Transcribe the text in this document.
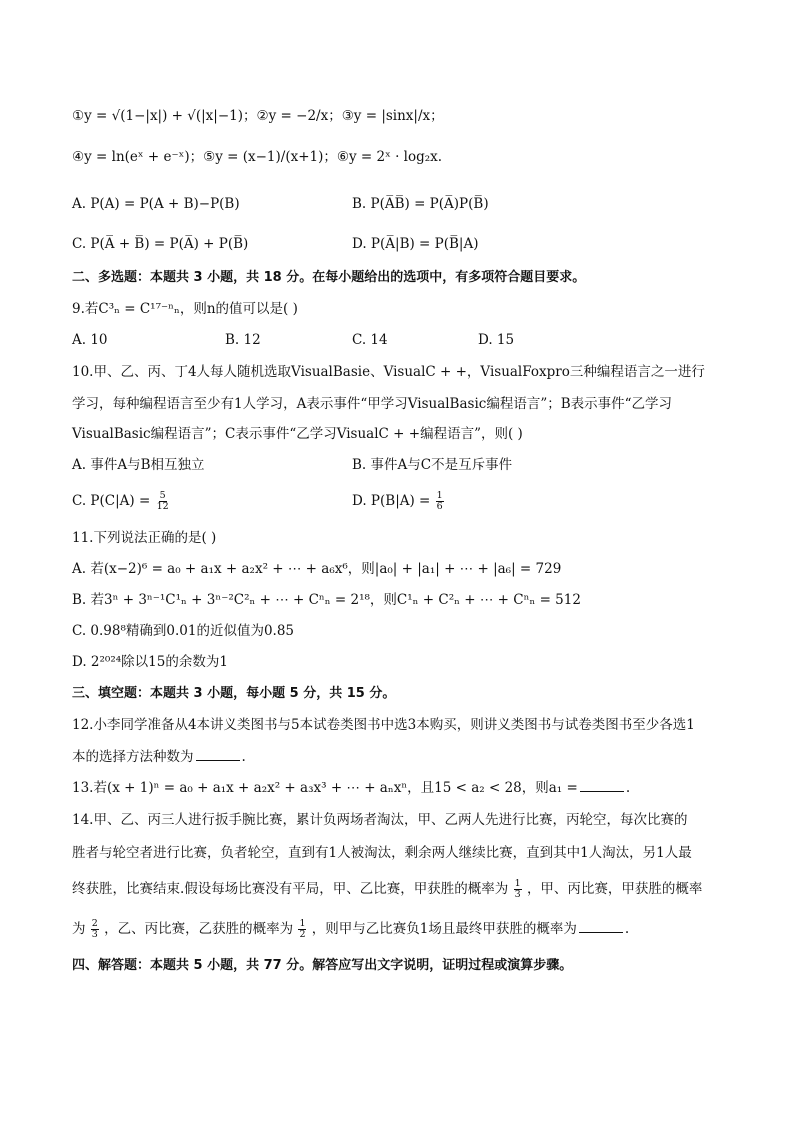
①y = √(1−|x|) + √(|x|−1)；②y = −2/x；③y = |sinx|/x；
④y = ln(eˣ + e⁻ˣ)；⑤y = (x−1)/(x+1)；⑥y = 2ˣ · log₂x.
A. P(A) = P(A + B)−P(B)	B. P(A̅B̅) = P(A̅)P(B̅)
C. P(A̅ + B̅) = P(A̅) + P(B̅)	D. P(A̅|B) = P(B̅|A)
二、多选题：本题共 3 小题，共 18 分。在每小题给出的选项中，有多项符合题目要求。
9.若C³ₙ = C¹⁷⁻ⁿₙ，则n的值可以是( )
A. 10	B. 12	C. 14	D. 15
10.甲、乙、丙、丁4人每人随机选取VisualBasie、VisualC + +，VisualFoxpro三种编程语言之一进行
学习，每种编程语言至少有1人学习，A表示事件“甲学习VisualBasic编程语言”；B表示事件“乙学习
VisualBasic编程语言”；C表示事件“乙学习VisualC + +编程语言”，则( )
A. 事件A与B相互独立	B. 事件A与C不是互斥事件
C. $P(C|A) = \frac{5}{12}$	D. $P(B|A) = \frac{1}{6}$
11.下列说法正确的是( )
A. 若(x−2)⁶ = a₀ + a₁x + a₂x² + ⋯ + a₆x⁶，则|a₀| + |a₁| + ⋯ + |a₆| = 729
B. 若3ⁿ + 3ⁿ⁻¹C¹ₙ + 3ⁿ⁻²C²ₙ + ⋯ + Cⁿₙ = 2¹⁸，则C¹ₙ + C²ₙ + ⋯ + Cⁿₙ = 512
C. 0.98⁸精确到0.01的近似值为0.85
D. 2²⁰²⁴除以15的余数为1
三、填空题：本题共 3 小题，每小题 5 分，共 15 分。
12.小李同学准备从4本讲义类图书与5本试卷类图书中选3本购买，则讲义类图书与试卷类图书至少各选1
本的选择方法种数为	.
13.若(x + 1)ⁿ = a₀ + a₁x + a₂x² + a₃x³ + ⋯ + aₙxⁿ，且15 < a₂ < 28，则a₁ =	.
14.甲、乙、丙三人进行扳手腕比赛，累计负两场者淘汰，甲、乙两人先进行比赛，丙轮空，每次比赛的
胜者与轮空者进行比赛，负者轮空，直到有1人被淘汰，剩余两人继续比赛，直到其中1人淘汰，另1人最
终获胜，比赛结束.假设每场比赛没有平局，甲、乙比赛，甲获胜的概率为 $\frac{1}{3}$ ，甲、丙比赛，甲获胜的概率
为 $\frac{2}{3}$ ，乙、丙比赛，乙获胜的概率为 $\frac{1}{2}$ ，则甲与乙比赛负1场且最终甲获胜的概率为	.
四、解答题：本题共 5 小题，共 77 分。解答应写出文字说明，证明过程或演算步骤。
